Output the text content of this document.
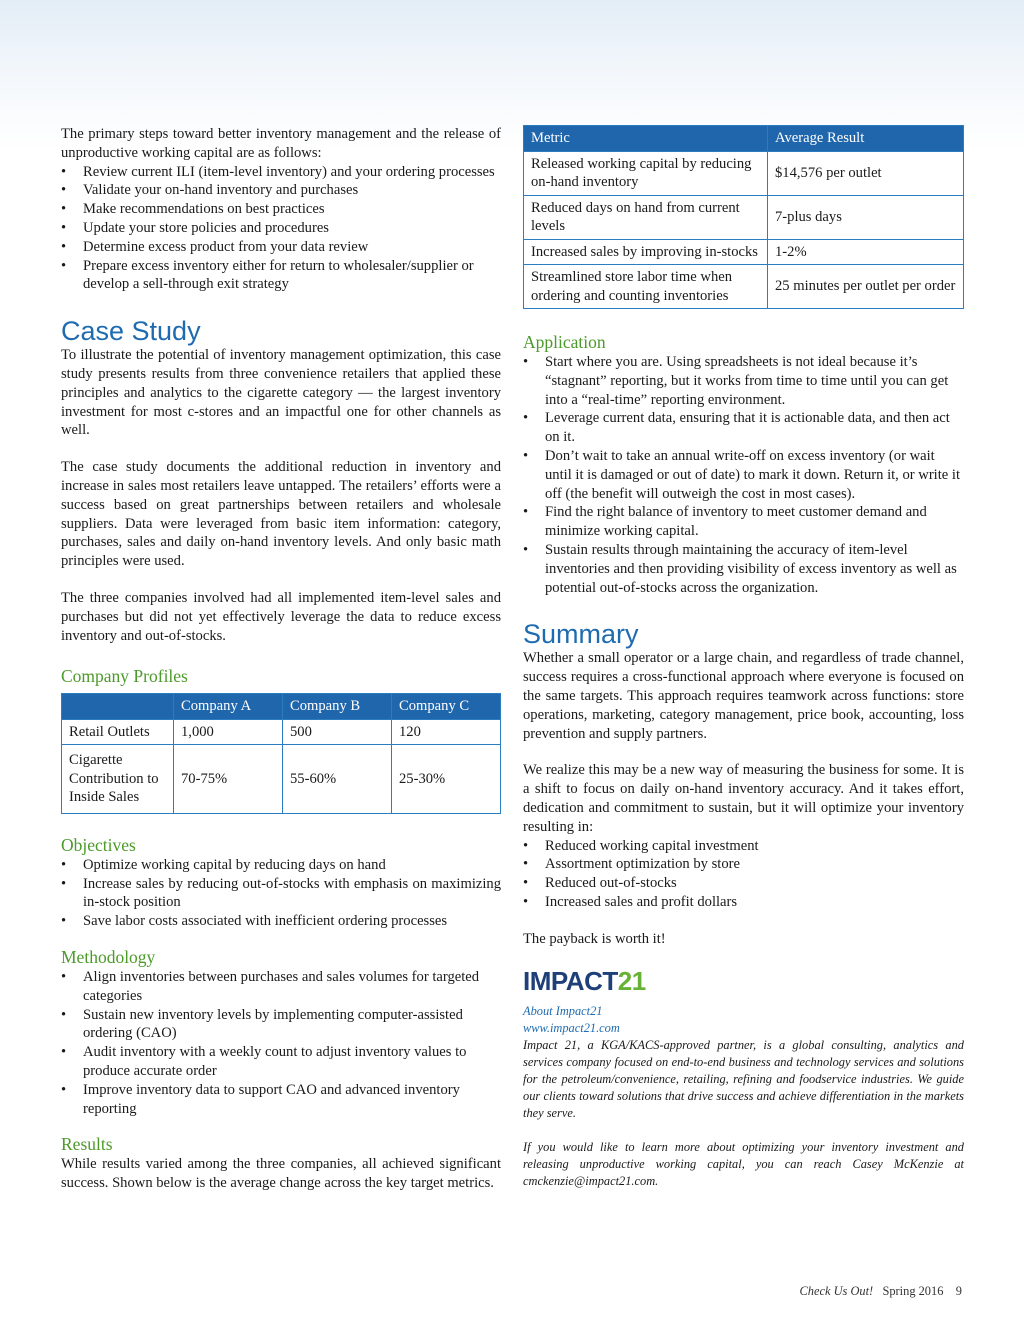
The primary steps toward better inventory management and the release of unproductive working capital are as follows:

• Review current ILI (item-level inventory) and your ordering processes
• Validate your on-hand inventory and purchases
• Make recommendations on best practices
• Update your store policies and procedures
• Determine excess product from your data review
• Prepare excess inventory either for return to wholesaler/supplier or develop a sell-through exit strategy
Case Study

To illustrate the potential of inventory management optimization, this case study presents results from three convenience retailers that applied these principles and analytics to the cigarette category — the largest inventory investment for most c-stores and an impactful one for other channels as well.

The case study documents the additional reduction in inventory and increase in sales most retailers leave untapped. The retailers’ efforts were a success based on great partnerships between retailers and wholesale suppliers. Data were leveraged from basic item information: category, purchases, sales and daily on-hand inventory levels. And only basic math principles were used.

The three companies involved had all implemented item-level sales and purchases but did not yet effectively leverage the data to reduce excess inventory and out-of-stocks.

Company Profiles
	Company A	Company B	Company C
Retail Outlets	1,000	500	120
Cigarette Contribution to Inside Sales	70-75%	55-60%	25-30%
Objectives
• Optimize working capital by reducing days on hand
• Increase sales by reducing out-of-stocks with emphasis on maximizing in-stock position
• Save labor costs associated with inefficient ordering processes
Methodology
• Align inventories between purchases and sales volumes for targeted categories
• Sustain new inventory levels by implementing computer-assisted ordering (CAO)
• Audit inventory with a weekly count to adjust inventory values to produce accurate order
• Improve inventory data to support CAO and advanced inventory reporting
Results

While results varied among the three companies, all achieved significant success. Shown below is the average change across the key target metrics.

Metric	Average Result
Released working capital by reducing on-hand inventory	$14,576 per outlet
Reduced days on hand from current levels	7-plus days
Increased sales by improving in-stocks	1-2%
Streamlined store labor time when ordering and counting inventories	25 minutes per outlet per order
Application
• Start where you are. Using spreadsheets is not ideal because it’s “stagnant” reporting, but it works from time to time until you can get into a “real-time” reporting environment.
• Leverage current data, ensuring that it is actionable data, and then act on it.
• Don’t wait to take an annual write-off on excess inventory (or wait until it is damaged or out of date) to mark it down. Return it, or write it off (the benefit will outweigh the cost in most cases).
• Find the right balance of inventory to meet customer demand and minimize working capital.
• Sustain results through maintaining the accuracy of item-level inventories and then providing visibility of excess inventory as well as potential out-of-stocks across the organization.
Summary

Whether a small operator or a large chain, and regardless of trade channel, success requires a cross-functional approach where everyone is focused on the same targets. This approach requires teamwork across functions: store operations, marketing, category management, price book, accounting, loss prevention and supply partners.

We realize this may be a new way of measuring the business for some. It is a shift to focus on daily on-hand inventory accuracy. And it takes effort, dedication and commitment to sustain, but it will optimize your inventory resulting in:

• Reduced working capital investment
• Assortment optimization by store
• Reduced out-of-stocks
• Increased sales and profit dollars

The payback is worth it!

IMPACT 21
About Impact21
www.impact21.com
Impact 21, a KGA/KACS-approved partner, is a global consulting, analytics and services company focused on end-to-end business and technology services and solutions for the petroleum/convenience, retailing, refining and foodservice industries. We guide our clients toward solutions that drive success and achieve differentiation in the markets they serve.
If you would like to learn more about optimizing your inventory investment and releasing unproductive working capital, you can reach Casey McKenzie at cmckenzie@impact21.com.
Check Us Out! Spring 2016 9
